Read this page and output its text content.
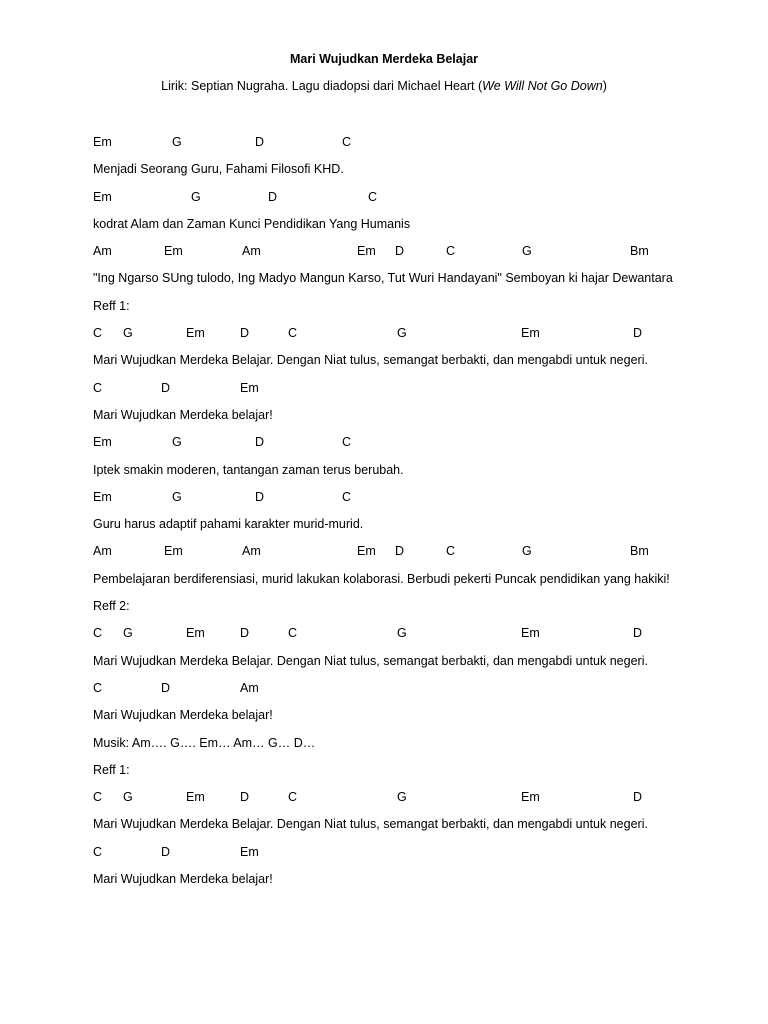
Mari Wujudkan Merdeka Belajar
Lirik: Septian Nugraha. Lagu diadopsi dari Michael Heart (We Will Not Go Down)
Em	G	D	C
Menjadi Seorang Guru, Fahami Filosofi KHD.
Em	G	D	C
kodrat Alam dan Zaman Kunci Pendidikan Yang Humanis
Am	Em	Am	Em D	C	G	Bm
"Ing Ngarso SUng tulodo, Ing Madyo Mangun Karso, Tut Wuri Handayani" Semboyan ki hajar Dewantara
Reff 1:
C G	Em	D	C	G	Em	D
Mari Wujudkan Merdeka Belajar. Dengan Niat tulus, semangat berbakti, dan mengabdi untuk negeri.
C	D	Em
Mari Wujudkan Merdeka belajar!
Em	G	D	C
Iptek smakin moderen, tantangan zaman terus berubah.
Em	G	D	C
Guru harus adaptif pahami karakter murid-murid.
Am	Em	Am	Em D	C	G	Bm
Pembelajaran berdiferensiasi, murid lakukan kolaborasi. Berbudi pekerti Puncak pendidikan yang hakiki!
Reff 2:
C G	Em	D	C	G	Em	D
Mari Wujudkan Merdeka Belajar. Dengan Niat tulus, semangat berbakti, dan mengabdi untuk negeri.
C	D	Am
Mari Wujudkan Merdeka belajar!
Musik: Am…. G…. Em… Am… G… D…
Reff 1:
C G	Em	D	C	G	Em	D
Mari Wujudkan Merdeka Belajar. Dengan Niat tulus, semangat berbakti, dan mengabdi untuk negeri.
C	D	Em
Mari Wujudkan Merdeka belajar!
